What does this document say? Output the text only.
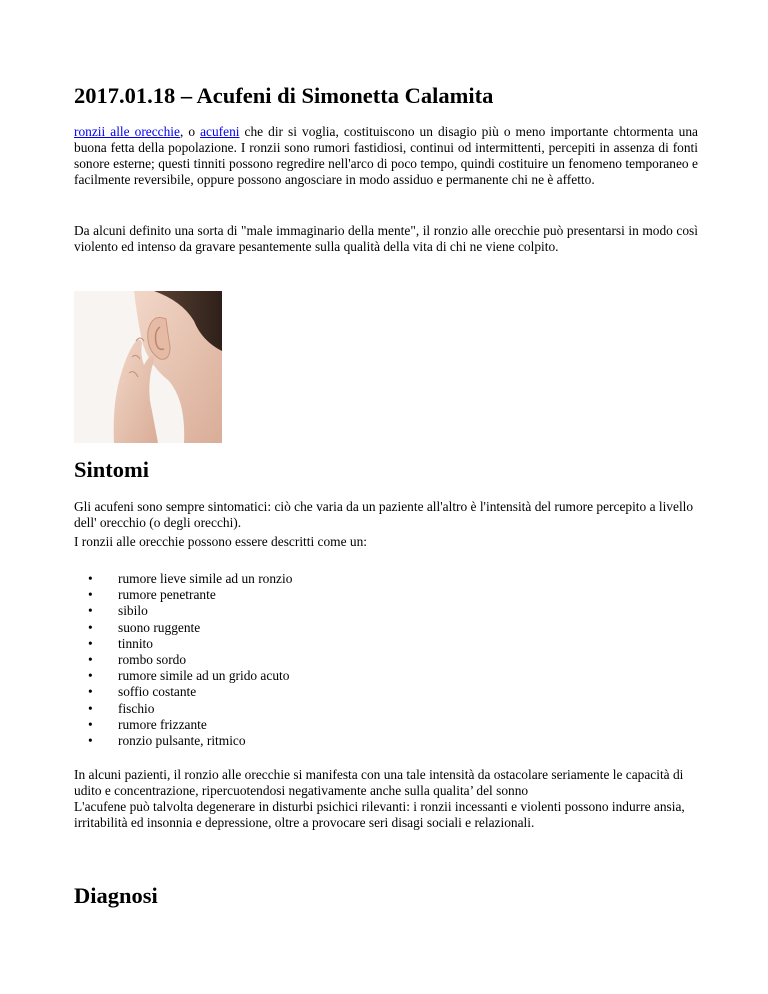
2017.01.18 – Acufeni di Simonetta Calamita

ronzii alle orecchie, o acufeni che dir si voglia, costituiscono un disagio più o meno importante chtormenta una buona fetta della popolazione. I ronzii sono rumori fastidiosi, continui od intermittenti, percepiti in assenza di fonti sonore esterne; questi tinniti possono regredire nell'arco di poco tempo, quindi costituire un fenomeno temporaneo e facilmente reversibile, oppure possono angosciare in modo assiduo e permanente chi ne è affetto.

Da alcuni definito una sorta di "male immaginario della mente", il ronzio alle orecchie può presentarsi in modo così violento ed intenso da gravare pesantemente sulla qualità della vita di chi ne viene colpito.

Sintomi

Gli acufeni sono sempre sintomatici: ciò che varia da un paziente all'altro è l'intensità del rumore percepito a livello dell' orecchio (o degli orecchi).

I ronzii alle orecchie possono essere descritti come un:

• rumore lieve simile ad un ronzio
• rumore penetrante
• sibilo
• suono ruggente
• tinnito
• rombo sordo
• rumore simile ad un grido acuto
• soffio costante
• fischio
• rumore frizzante
• ronzio pulsante, ritmico

In alcuni pazienti, il ronzio alle orecchie si manifesta con una tale intensità da ostacolare seriamente le capacità di udito e concentrazione, ripercuotendosi negativamente anche sulla qualita’ del sonno
L'acufene può talvolta degenerare in disturbi psichici rilevanti: i ronzii incessanti e violenti possono indurre ansia, irritabilità ed insonnia e depressione, oltre a provocare seri disagi sociali e relazionali.

Diagnosi
